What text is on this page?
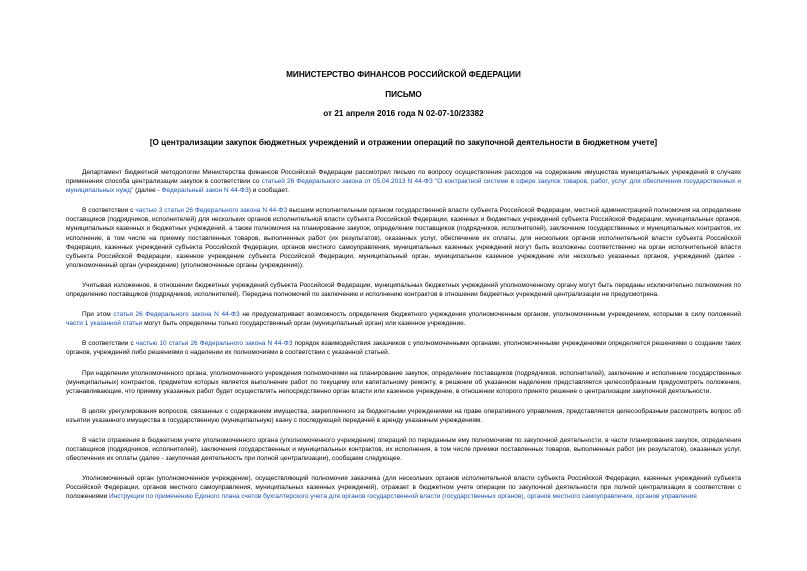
МИНИСТЕРСТВО ФИНАНСОВ РОССИЙСКОЙ ФЕДЕРАЦИИ
ПИСЬМО
от 21 апреля 2016 года N 02-07-10/23382
[О централизации закупок бюджетных учреждений и отражении операций по закупочной деятельности в бюджетном учете]

Департамент бюджетной методологии Министерства финансов Российской Федерации рассмотрел письмо по вопросу осуществления расходов на содержание имущества муниципальных учреждений в случаях применения способа централизации закупок в соответствии со статьей 26 Федерального закона от 05.04.2013 N 44-ФЗ "О контрактной системе в сфере закупок товаров, работ, услуг для обеспечения государственных и муниципальных нужд" (далее - Федеральный закон N 44-ФЗ) и сообщает.

В соответствии с частью 3 статьи 26 Федерального закона N 44-ФЗ высшим исполнительным органом государственной власти субъекта Российской Федерации, местной администрацией полномочия на определение поставщиков (подрядчиков, исполнителей) для нескольких органов исполнительной власти субъекта Российской Федерации, казенных и бюджетных учреждений субъекта Российской Федерации, муниципальных органов, муниципальных казенных и бюджетных учреждений, а также полномочия на планирование закупок, определение поставщиков (подрядчиков, исполнителей), заключение государственных и муниципальных контрактов, их исполнение, в том числе на приемку поставленных товаров, выполненных работ (их результатов), оказанных услуг, обеспечение их оплаты, для нескольких органов исполнительной власти субъекта Российской Федерации, казенных учреждений субъекта Российской Федерации, органов местного самоуправления, муниципальных казенных учреждений могут быть возложены соответственно на орган исполнительной власти субъекта Российской Федерации, казенное учреждение субъекта Российской Федерации, муниципальный орган, муниципальное казенное учреждение или несколько указанных органов, учреждений (далее - уполномоченный орган (учреждение) (уполномоченные органы (учреждения)).

Учитывая изложенное, в отношении бюджетных учреждений субъекта Российской Федерации, муниципальных бюджетных учреждений уполномоченному органу могут быть переданы исключительно полномочия по определению поставщиков (подрядчиков, исполнителей). Передача полномочий по заключению и исполнению контрактов в отношении бюджетных учреждений централизации не предусмотрена.

При этом статья 26 Федерального закона N 44-ФЗ не предусматривает возможность определения бюджетного учреждения уполномоченным органом, уполномоченным учреждением, которыми в силу положений части 1 указанной статьи могут быть определены только государственный орган (муниципальный орган) или казенное учреждение.

В соответствии с частью 10 статьи 26 Федерального закона N 44-ФЗ порядок взаимодействия заказчиков с уполномоченными органами, уполномоченными учреждениями определяется решениями о создании таких органов, учреждений либо решениями о наделении их полномочиями в соответствии с указанной статьей.

При наделении уполномоченного органа, уполномоченного учреждения полномочиями на планирование закупок, определение поставщиков (подрядчиков, исполнителей), заключение и исполнение государственных (муниципальных) контрактов, предметом которых является выполнение работ по текущему или капитальному ремонту, в решении об указанном наделении представляется целесообразным предусмотреть положения, устанавливающие, что приемку указанных работ будет осуществлять непосредственно орган власти или казенное учреждение, в отношении которого принято решение о централизации закупочной деятельности.

В целях урегулирования вопросов, связанных с содержанием имущества, закрепленного за бюджетными учреждениями на праве оперативного управления, представляется целесообразным рассмотреть вопрос об изъятии указанного имущества в государственную (муниципальную) казну с последующей передачей в аренду указанным учреждениям.

В части отражения в бюджетном учете уполномоченного органа (уполномоченного учреждения) операций по переданным ему полномочиям по закупочной деятельности, в части планирования закупок, определения поставщиков (подрядчиков, исполнителей), заключения государственных и муниципальных контрактов, их исполнения, в том числе приемки поставленных товаров, выполненных работ (их результатов), оказанных услуг, обеспечения их оплаты (далее - закупочная деятельность при полной централизации), сообщаем следующее.

Уполномоченный орган (уполномоченное учреждение), осуществляющий полномочия заказчика (для нескольких органов исполнительной власти субъекта Российской Федерации, казенных учреждений субъекта Российской Федерации, органов местного самоуправления, муниципальных казенных учреждений), отражает в бюджетном учете операции по закупочной деятельности при полной централизации в соответствии с положениями Инструкции по применению Единого плана счетов бухгалтерского учета для органов государственной власти (государственных органов), органов местного самоуправления, органов управления
